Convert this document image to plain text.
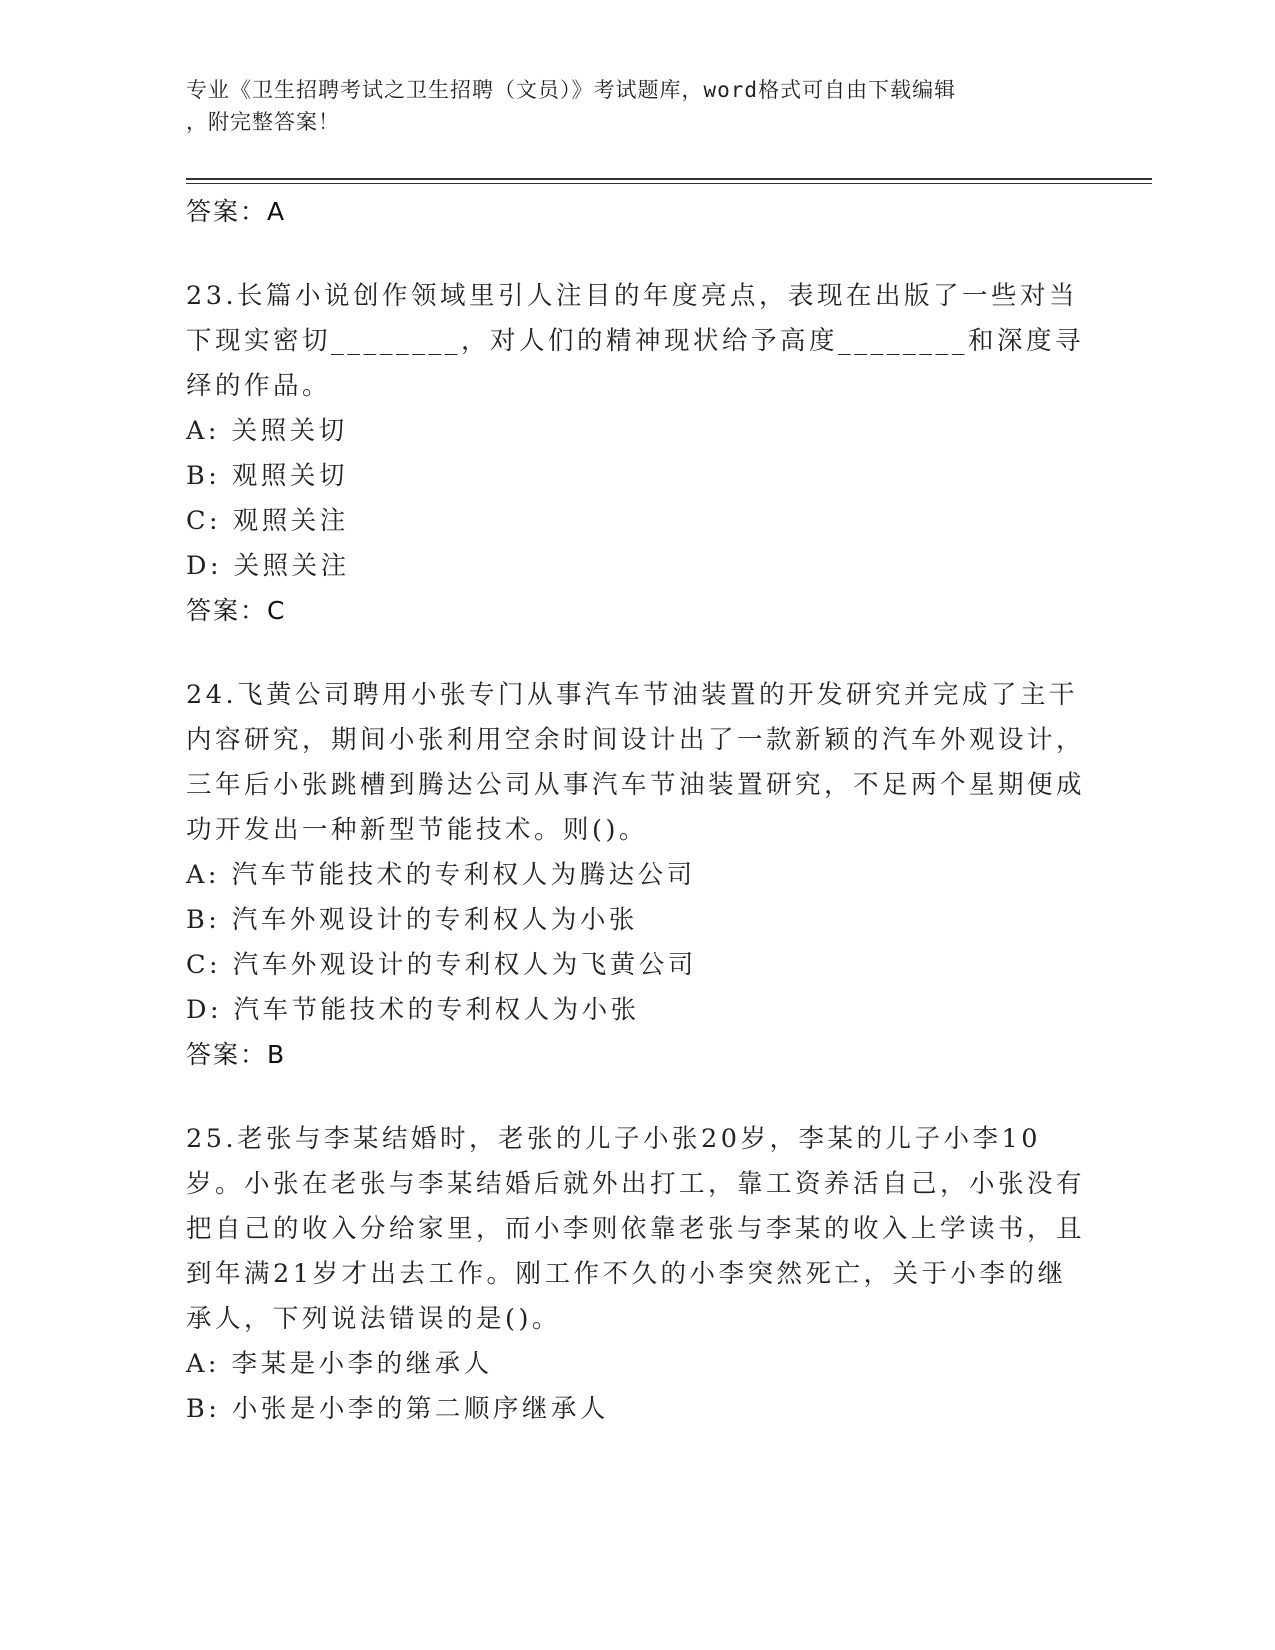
专业《卫生招聘考试之卫生招聘（文员）》考试题库，word格式可自由下载编辑
，附完整答案！
答案：A
23.长篇小说创作领域里引人注目的年度亮点，表现在出版了一些对当下现实密切________，对人们的精神现状给予高度________和深度寻绎的作品。
A: 关照关切
B: 观照关切
C: 观照关注
D: 关照关注
答案：C
24.飞黄公司聘用小张专门从事汽车节油装置的开发研究并完成了主干内容研究，期间小张利用空余时间设计出了一款新颖的汽车外观设计，三年后小张跳槽到腾达公司从事汽车节油装置研究，不足两个星期便成功开发出一种新型节能技术。则()。
A: 汽车节能技术的专利权人为腾达公司
B: 汽车外观设计的专利权人为小张
C: 汽车外观设计的专利权人为飞黄公司
D: 汽车节能技术的专利权人为小张
答案：B
25.老张与李某结婚时，老张的儿子小张20岁，李某的儿子小李10岁。小张在老张与李某结婚后就外出打工，靠工资养活自己，小张没有把自己的收入分给家里，而小李则依靠老张与李某的收入上学读书，且到年满21岁才出去工作。刚工作不久的小李突然死亡，关于小李的继承人，下列说法错误的是()。
A: 李某是小李的继承人
B: 小张是小李的第二顺序继承人
